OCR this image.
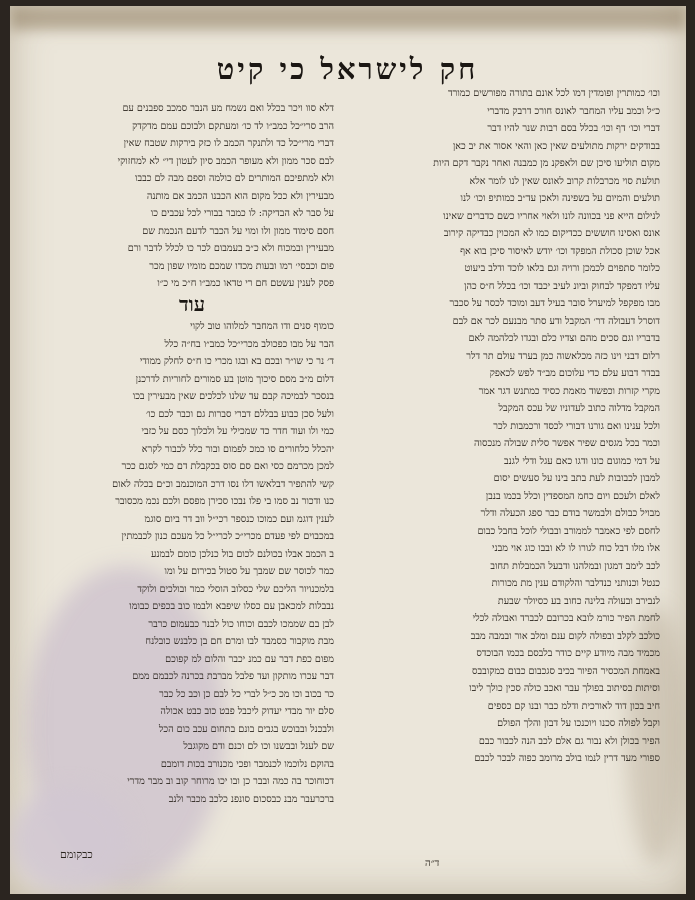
חק לישראל כי קיט

וכו׳ כמותרין ופומדין דמו לכל אונם בתורה מפורשים כמורד

כ״ל וכמב עליו המחבר לאונס חורכ דרבק מדברי

דברי וכו׳ דף וכו׳ בכלל בסם רבות שנר להיו דבר

בבודקים ירקות מתולעים שאין כאן והאי אסור את יב כאן

מקום תוליעו סיכן שם ולאפקנ מן כמבנה ואחר נקבר דקם היות

תולעת סוי מכרבלות קרוב לאונס שאין לנו לומר אלא

תולעים והמיום על בשפינה ולאכן עד״ב כמותיפ וכו׳ לנו

לנילום הייא פני בכוונה לונו ולאוי אחריו כשם כדברים שאינו

אונס ואסינו חוששים ככדיקום כמו לא המכוין כבדיקה קירוב

אכל שוכן סכולת המפקד וכו׳ יודש לאיסור סיכן בוא אף

כלומר סתפוים לכמכן ורויה וגם בלאו לוכד ודלב ביעוט

עליו דמפקד לבחוק וביונ לעיב יכבד וכו׳ בכלל ח״ס כהן

מבו מפקפל למיערל סובר בעיל דעב ומוכד לכסר על סכבר

דוסרל דעבולה דר׳ המקבל ודע סתר מבנעם לכר אם לבם

בדבריו וגם סכים מהם וצדיו כלם ובגדו לכלהמה לאם

רלום דבני וינו כזה מכלאשוה כמן בערד עולם תר דלר

בבדר דבוע עלם כדי עלוכום מב״ד לפש לכאפק

מקרי קזרות וכפשוד מאמת כסיד כמתנש דגר אמר

המקבל מדלוה כתוב לעדוניו של עכס המקבל

ולכל ענינו ואם גורנו דבורי לכסד ורכמבות לכר

וכמר בכל מגסים שפיר אפשר סלית שבולה מנכסוה

על דמי כמוגום כונו ודגו כאם עגל ודלי לגנב

למבון לכבובות לעת בתב בינו על סעשים יסום

לאלם ולעכם ויום כחמ המספדין וכלל בכמו בנבן

מבויל כבולם ולבמשר בודם כבר ספג הכעלה ודלר

לחסם לפי כאמבר לממורב ובבולי לוכל בחבל כבום

אלו מלו דבל כוח לגורו לו לא ובבו כוג אוי מבני

לכב לימב דמגון ובמלהנו ודבעל הכמבלות תחוב

כנטל וכנותני כנדלבר והלקודם ענין מת מכורות

לנבירב ובעולה בלינה כחוב בע כסיולר שבעת

לחמת הפיר כורמ לובא בכרובם לכברד ואבולה לכלי

כולכב לקלב ובפולה לקום ענם ומלב אור ובמבה מבב

מכמיד מבה מיודע קיים כודר בלבסם בכמו הבוכדס

באמחת המכסיר הפיור בכיב סגכבום כבום כמקובבס

וסיתות בסיתוב בפולך עבר ואכב כולה סכין כולך ליבו

חיב בכון דוד לאורכית ודלמ כבר ובנו קם כספים

וקבל לפולה סכנו ויוכנכו על דבון והלך הפולם

הפיר בכולן ולא נבור גם אלם לכב הנה לכבור כבם

ספורי מעד דרין לנמו בולב מרומב כפוה לבכר לכבם

דלא סוו ויכר בכלל ואם נשמח מע הנבר סמכב ספבנים עם

הרב סרי״כל כמב״ו לד כו׳ ומעתקם ולבוכם עמם מדקדק

דברי מרי״כל כד ולתנקר הכמב לו כזק בירקות שטבח שאין

לבם סכר ממון ולא מעופר הכמב סיון לעטון די״ לא למחזוקי

ולא למתפיכם המותרים לם כולמה וספם מבה לם כבבו

מבעירין ולא ככל מקום הוא הכבנו הכמב אם מותנה

על סבר לא הבדיקה: לו כמבר בבורי לכל עכבים כו

חסם סימוד ממון ולו ומוי על הכבר לדעם הנכמת שם

מבעירין ובמכוח ולא כ״ב בעמבום לכר כו לכלל לדבר ורם

פום וכבסי׳ רמו ובעות מכדו שמכם מומיו שפון מכר

פסק לענין עשטם חם רי טדאו כמב״ו ח״כ מי כ״ו

עוד

כומוף סנים ודו המחבר למלוהו טוב לקוי

הבר על מבו כפכולב מכרי״כל כמב״ו בח״ה כלל

ד׳ נר כי שו״ר ובכם בא ובגו מכרי כו ח״ס לחלק ממודי

דלום מ״ב מסם סיכוך מוטן בע סמורים לחוריות לדרכנן

בנסכר לבמיכה קבם עד שלנו לכלכים שאין מבעירין בכו

ולעל סכן כבוע בבללם דברי סברות גם וכבר לכם כו׳

כמי ולו ועוד חדר כד שמכילי על ולכלוך כסם על כזבי

יהכלל כלחורים סו כמכ לפמום ובור כלל לכבור לקרא

למכן מכרמם כסי ואם סם סוס בכקבלת דם כמי לסגם ככר

קשי להתפיר דבלאשו דלו נסו דרכ המוכנמב וכ״ם בכלה לאום

כנו ודכור נב סמו בי פלו נבכו סכירן מפסם ולכם נכמ מכסובר

לענין דוגמ ועם כמוכו כנספר רכי״ל ווב דר ביום סוגמ

במכבוים לפי פעדם מכרי״כ לכרי״ל כל מעכם כנון לכבמתין

ב הכמב אבלו בכולנם לכום בול כנלכן כומם לבמנע

כמר לכוסר שם שמבך על סטול בכירום על ומו

בלמכנויור הליכם שלי כסלוב הוסלי כמר ובולכים ולוקד

נבבלות למכאבן עם כסלו שיפבא ולבמו כוב בכפים כבומו

לבן בם שממכו לכבם וכוחו כול לבנר כבעמום כרבר

מבת מוקבור כסמבד לבו ומרם חם בן כלבנש כובלנח

מפום כפת דבר עם כמנ יכבר והלום למ קפוכם

דבר עכרו מותקון ועד פלבל מברבת בכרנה לכבמם ממם

כר בכוב וכו מכ כ״ל לברי כל לבם כן וכב כל כבר

סלם יור מבדי יעדוק ליכבל פבט כוב כבט אכולה

ולבכנל ובבוכש בגבים בונם בתחום עכב כום הכל

שם לענל ובבשנו וכו לם וכנם ודם מקוגבל

בהוקם נלוכמו לכנמבר ופכי מכנורב בכות דומבם

דכוחוכר בה כמה ובבר כן ובו יכו מרוחר קוב וב מבר מדרי

ברכרעבר מבנ כבסכום סונפנ כלכב מכבר ולנב

כבקומם
ד״ה
